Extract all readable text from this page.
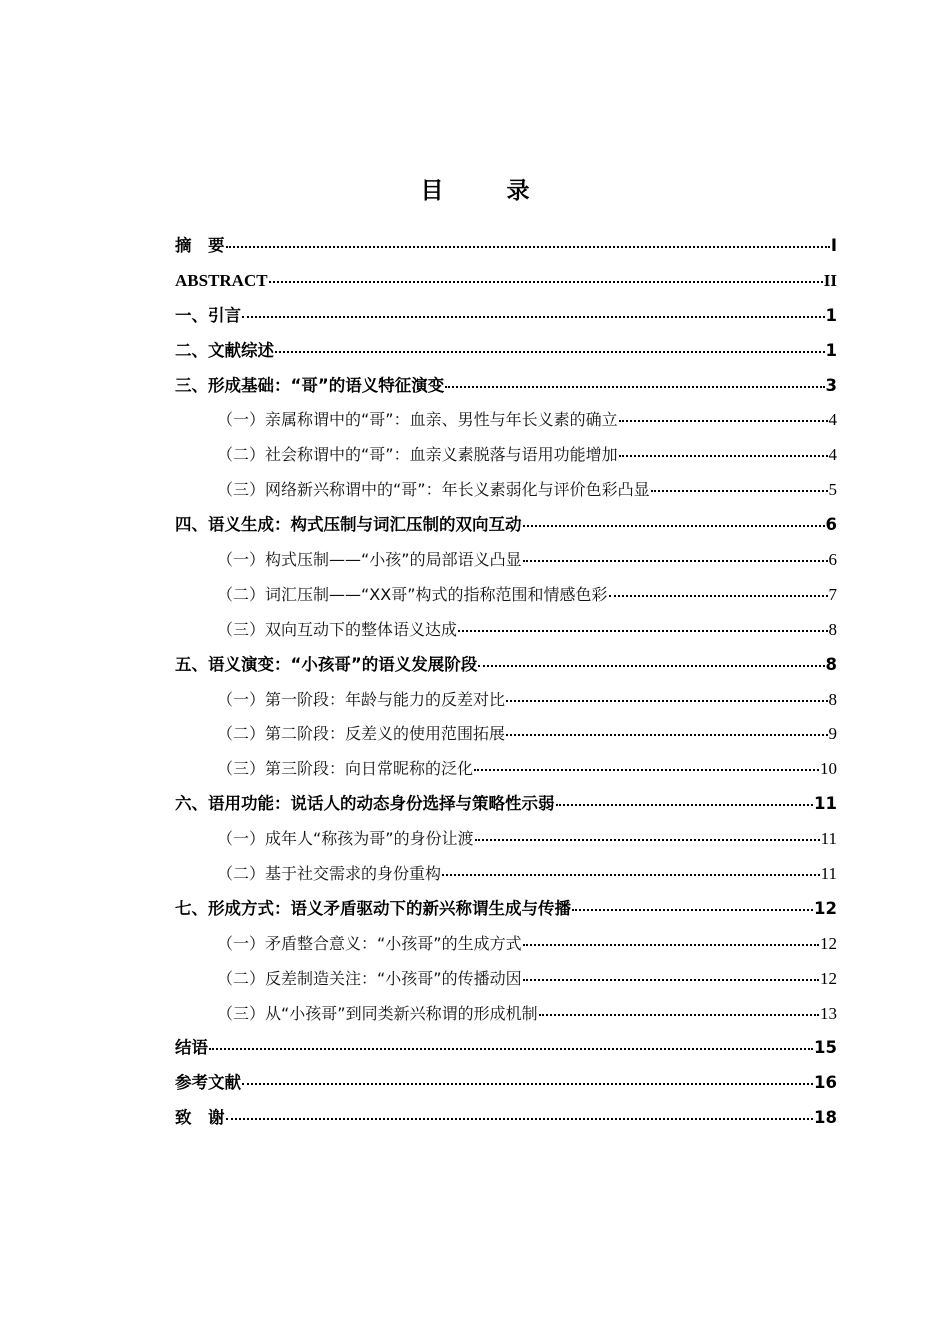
目　录
摘　要	I
ABSTRACT	II
一、引言	1
二、文献综述	1
三、形成基础：“哥”的语义特征演变	3
（一）亲属称谓中的“哥”：血亲、男性与年长义素的确立	4
（二）社会称谓中的“哥”：血亲义素脱落与语用功能增加	4
（三）网络新兴称谓中的“哥”：年长义素弱化与评价色彩凸显	5
四、语义生成：构式压制与词汇压制的双向互动	6
（一）构式压制——“小孩”的局部语义凸显	6
（二）词汇压制——“XX哥”构式的指称范围和情感色彩	7
（三）双向互动下的整体语义达成	8
五、语义演变：“小孩哥”的语义发展阶段	8
（一）第一阶段：年龄与能力的反差对比	8
（二）第二阶段：反差义的使用范围拓展	9
（三）第三阶段：向日常昵称的泛化	10
六、语用功能：说话人的动态身份选择与策略性示弱	11
（一）成年人“称孩为哥”的身份让渡	11
（二）基于社交需求的身份重构	11
七、形成方式：语义矛盾驱动下的新兴称谓生成与传播	12
（一）矛盾整合意义：“小孩哥”的生成方式	12
（二）反差制造关注：“小孩哥”的传播动因	12
（三）从“小孩哥”到同类新兴称谓的形成机制	13
结语	15
参考文献	16
致　谢	18
